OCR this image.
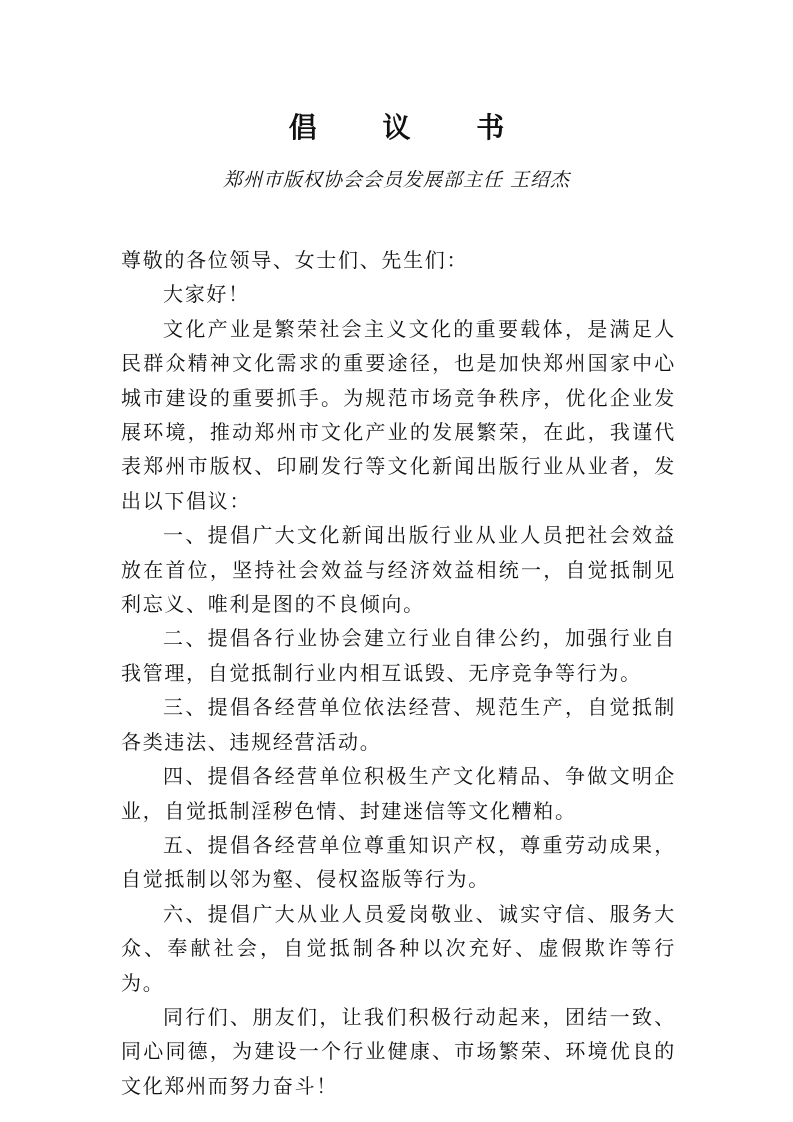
倡 议 书
郑州市版权协会会员发展部主任 王绍杰

尊敬的各位领导、女士们、先生们：

大家好！

文化产业是繁荣社会主义文化的重要载体，是满足人民群众精神文化需求的重要途径，也是加快郑州国家中心城市建设的重要抓手。为规范市场竞争秩序，优化企业发展环境，推动郑州市文化产业的发展繁荣，在此，我谨代表郑州市版权、印刷发行等文化新闻出版行业从业者，发出以下倡议：

一、提倡广大文化新闻出版行业从业人员把社会效益放在首位，坚持社会效益与经济效益相统一，自觉抵制见利忘义、唯利是图的不良倾向。

二、提倡各行业协会建立行业自律公约，加强行业自我管理，自觉抵制行业内相互诋毁、无序竞争等行为。

三、提倡各经营单位依法经营、规范生产，自觉抵制各类违法、违规经营活动。

四、提倡各经营单位积极生产文化精品、争做文明企业，自觉抵制淫秽色情、封建迷信等文化糟粕。

五、提倡各经营单位尊重知识产权，尊重劳动成果，自觉抵制以邻为壑、侵权盗版等行为。

六、提倡广大从业人员爱岗敬业、诚实守信、服务大众、奉献社会，自觉抵制各种以次充好、虚假欺诈等行为。

同行们、朋友们，让我们积极行动起来，团结一致、同心同德，为建设一个行业健康、市场繁荣、环境优良的文化郑州而努力奋斗！
